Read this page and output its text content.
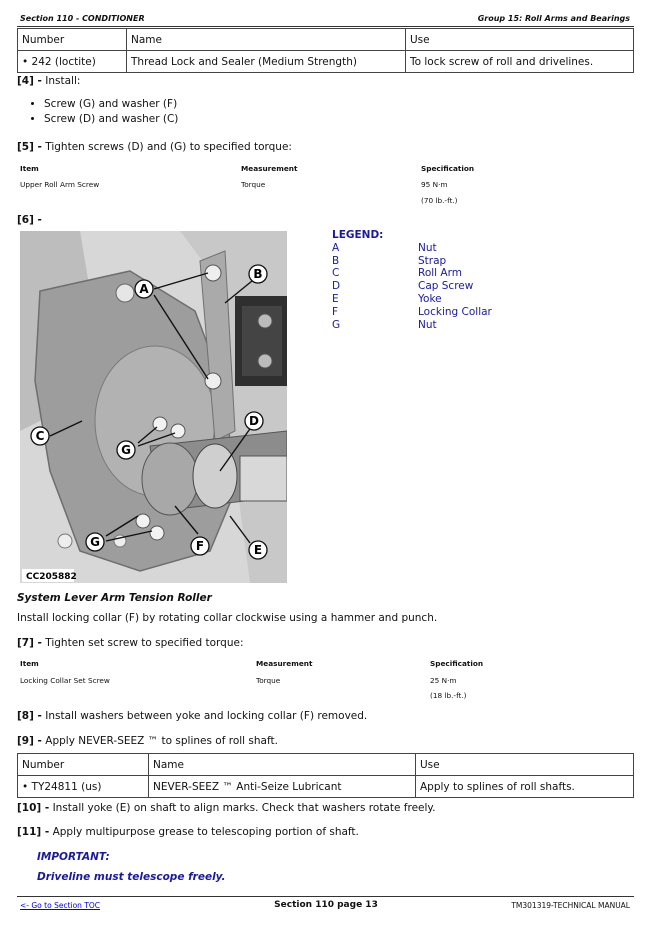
Section 110 - CONDITIONER	Group 15: Roll Arms and Bearings
Number	Name	Use
• 242 (loctite)	Thread Lock and Sealer (Medium Strength)	To lock screw of roll and drivelines.
[4] - Install:
• Screw (G) and washer (F)
• Screw (D) and washer (C)
[5] - Tighten screws (D) and (G) to specified torque:
Item	Measurement	Specification
Upper Roll Arm Screw	Torque	95 N·m
(70 lb.-ft.)
[6] -
A
B
C
D
E
F
G
G
CC205882
LEGEND:
A	Nut
B	Strap
C	Roll Arm
D	Cap Screw
E	Yoke
F	Locking Collar
G	Nut
System Lever Arm Tension Roller
Install locking collar (F) by rotating collar clockwise using a hammer and punch.
[7] - Tighten set screw to specified torque:
Item	Measurement	Specification
Locking Collar Set Screw	Torque	25 N·m
(18 lb.-ft.)
[8] - Install washers between yoke and locking collar (F) removed.
[9] - Apply NEVER-SEEZ ™ to splines of roll shaft.
Number	Name	Use
• TY24811 (us)	NEVER-SEEZ ™ Anti-Seize Lubricant	Apply to splines of roll shafts.
[10] - Install yoke (E) on shaft to align marks. Check that washers rotate freely.
[11] - Apply multipurpose grease to telescoping portion of shaft.
IMPORTANT:
Driveline must telescope freely.
<- Go to Section TOC	Section 110 page 13	TM301319-TECHNICAL MANUAL
